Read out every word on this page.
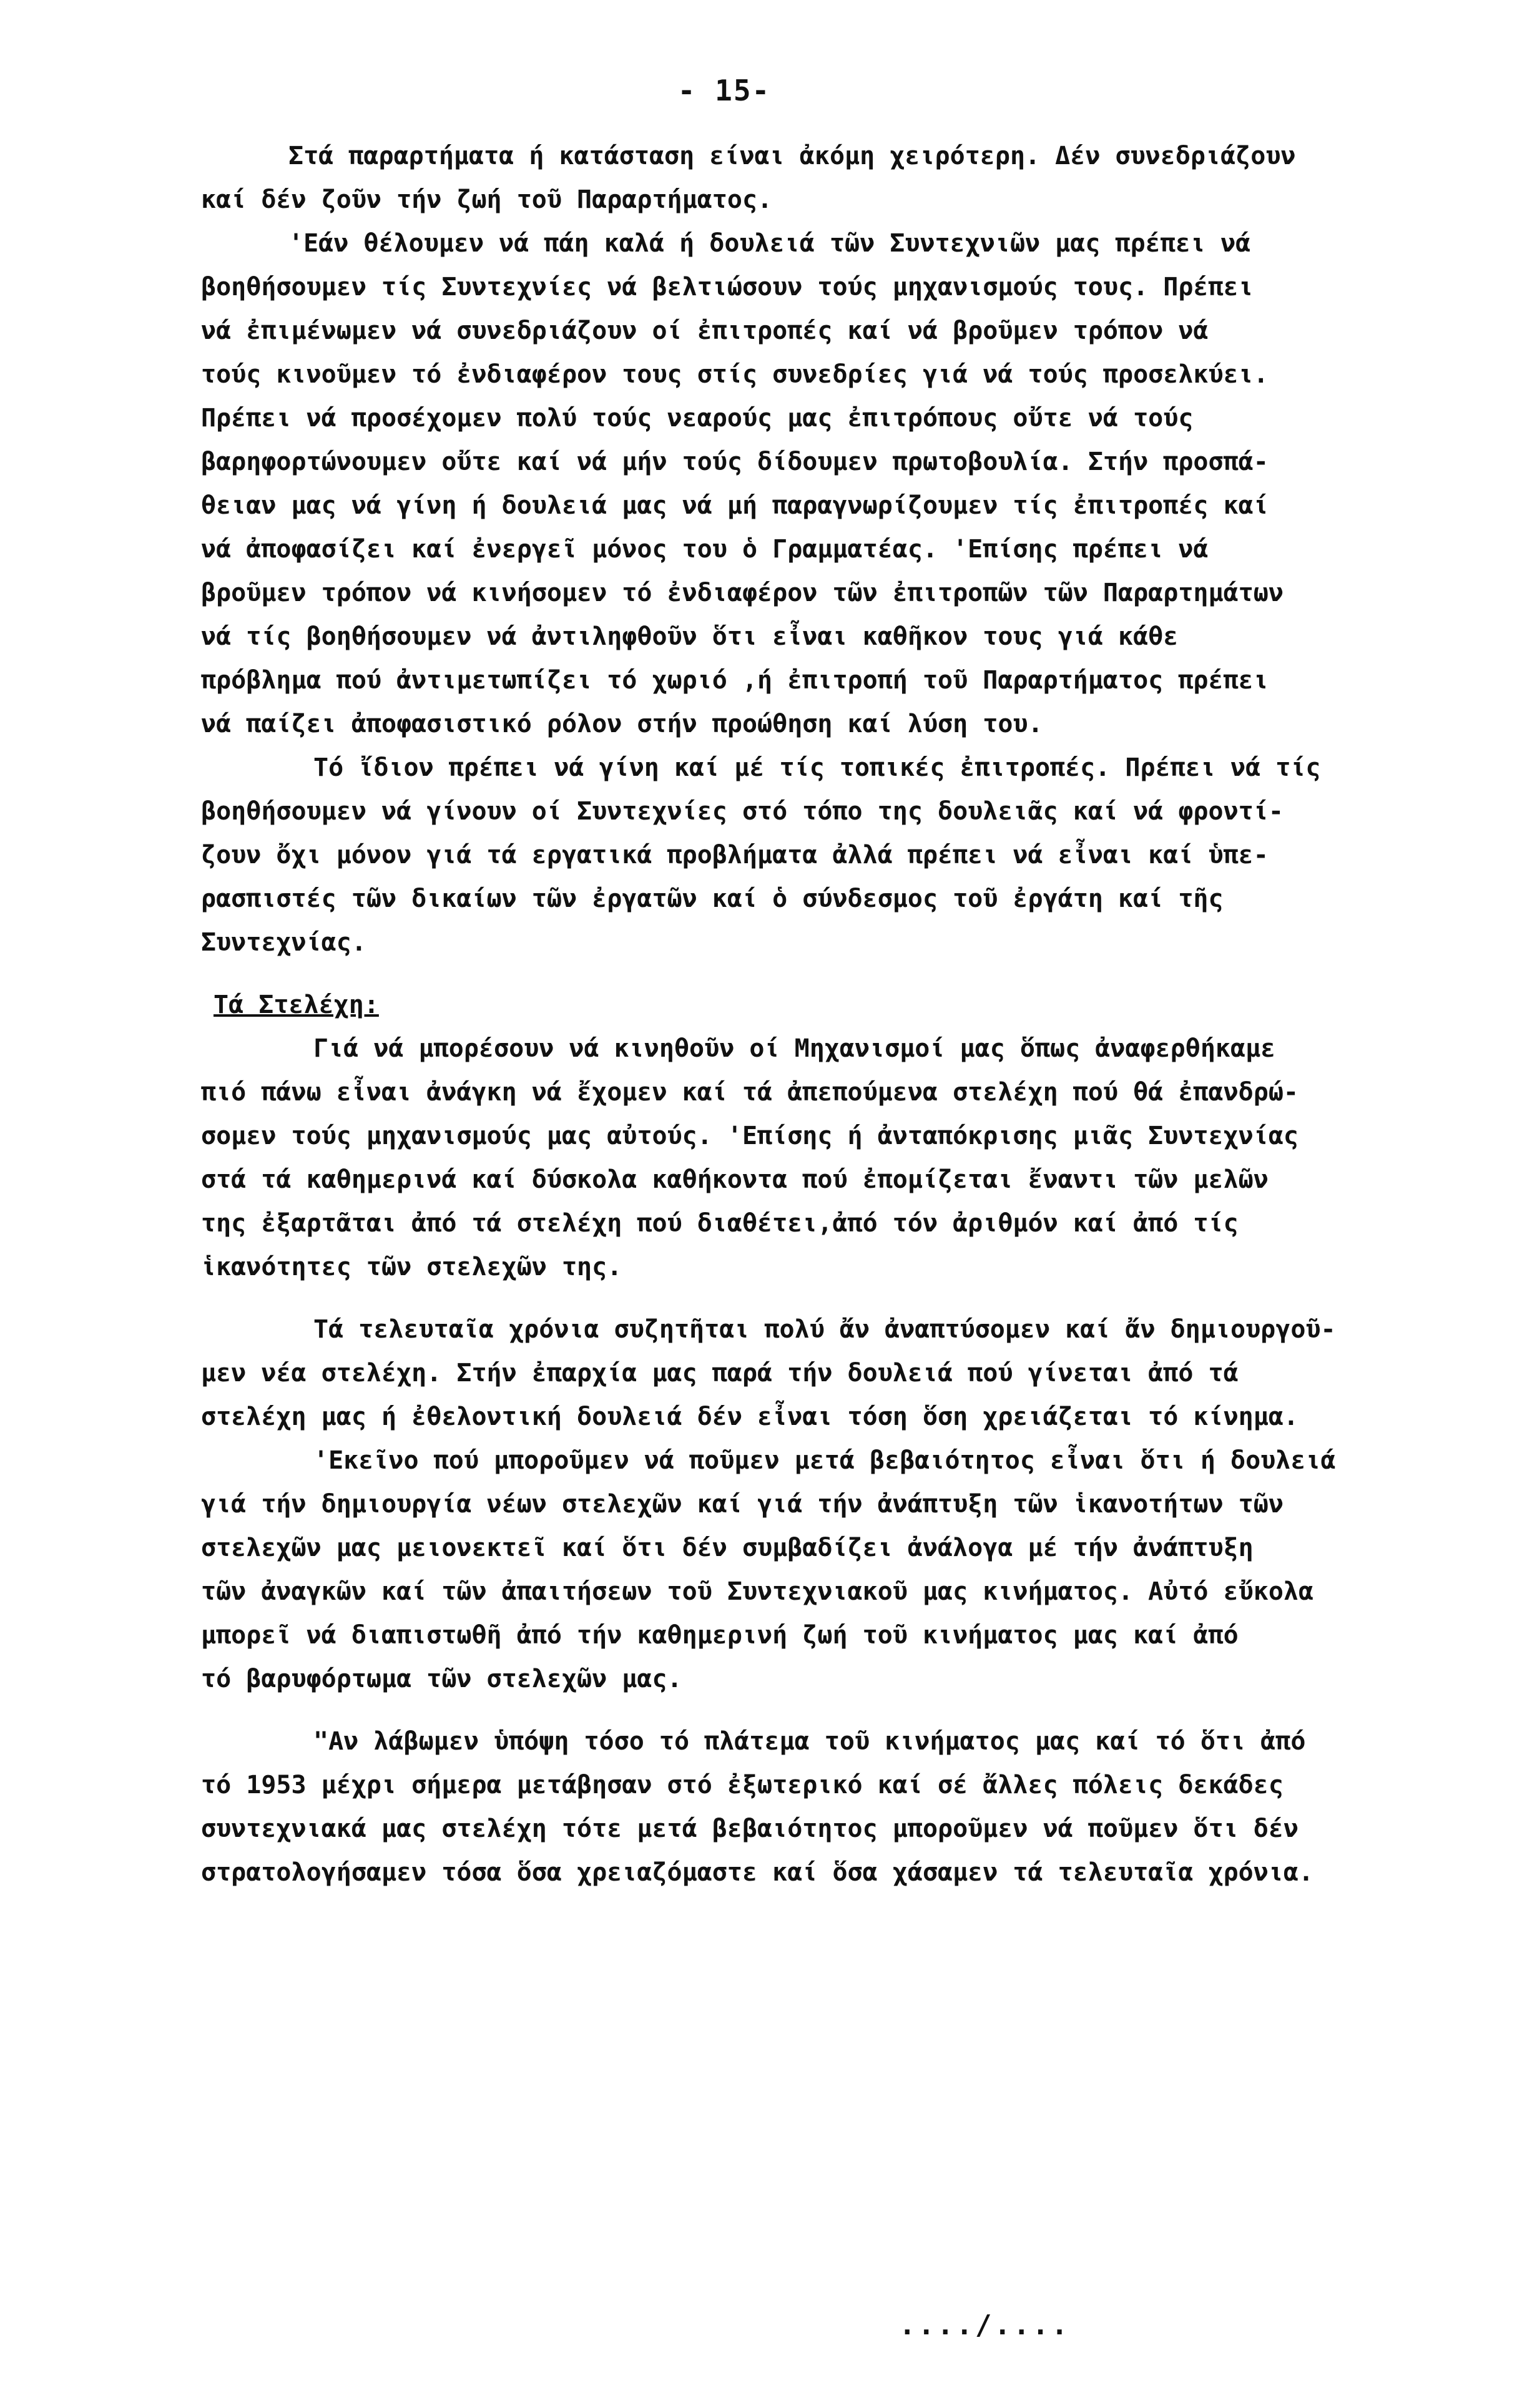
- 15-
Στά παραρτήματα ή κατάσταση είναι ἀκόμη χειρότερη. Δέν συνεδριάζουν
καί δέν ζοῦν τήν ζωή τοῦ Παραρτήματος.
'Εάν θέλουμεν νά πάη καλά ή δουλειά τῶν Συντεχνιῶν μας πρέπει νά
βοηθήσουμεν τίς Συντεχνίες νά βελτιώσουν τούς μηχανισμούς τους. Πρέπει
νά ἐπιμένωμεν νά συνεδριάζουν οί ἐπιτροπές καί νά βροῦμεν τρόπον νά
τούς κινοῦμεν τό ἐνδιαφέρον τους στίς συνεδρίες γιά νά τούς προσελκύει.
Πρέπει νά προσέχομεν πολύ τούς νεαρούς μας ἐπιτρόπους οὔτε νά τούς
βαρηφορτώνουμεν οὔτε καί νά μήν τούς δίδουμεν πρωτοβουλία. Στήν προσπά-
θειαν μας νά γίνη ή δουλειά μας νά μή παραγνωρίζουμεν τίς ἐπιτροπές καί
νά ἀποφασίζει καί ἐνεργεῖ μόνος του ὁ Γραμματέας. 'Επίσης πρέπει νά
βροῦμεν τρόπον νά κινήσομεν τό ἐνδιαφέρον τῶν ἐπιτροπῶν τῶν Παραρτημάτων
νά τίς βοηθήσουμεν νά ἀντιληφθοῦν ὅτι εἶναι καθῆκον τους γιά κάθε
πρόβλημα πού ἀντιμετωπίζει τό χωριό ,ή ἐπιτροπή τοῦ Παραρτήματος πρέπει
νά παίζει ἀποφασιστικό ρόλον στήν προώθηση καί λύση του.
Τό ἴδιον πρέπει νά γίνη καί μέ τίς τοπικές ἐπιτροπές. Πρέπει νά τίς
βοηθήσουμεν νά γίνουν οί Συντεχνίες στό τόπο της δουλειᾶς καί νά φροντί-
ζουν ὄχι μόνον γιά τά εργατικά προβλήματα ἀλλά πρέπει νά εἶναι καί ὑπε-
ρασπιστές τῶν δικαίων τῶν ἐργατῶν καί ὁ σύνδεσμος τοῦ ἐργάτη καί τῆς
Συντεχνίας.
Τά Στελέχη:
Γιά νά μπορέσουν νά κινηθοῦν οί Μηχανισμοί μας ὅπως ἀναφερθήκαμε
πιό πάνω εἶναι ἀνάγκη νά ἔχομεν καί τά ἀπεπούμενα στελέχη πού θά ἐπανδρώ-
σομεν τούς μηχανισμούς μας αὐτούς. 'Επίσης ή ἀνταπόκρισης μιᾶς Συντεχνίας
στά τά καθημερινά καί δύσκολα καθήκοντα πού ἐπομίζεται ἔναντι τῶν μελῶν
της ἐξαρτᾶται ἀπό τά στελέχη πού διαθέτει,ἀπό τόν ἀριθμόν καί ἀπό τίς
ἱκανότητες τῶν στελεχῶν της.
Τά τελευταῖα χρόνια συζητῆται πολύ ἄν ἀναπτύσομεν καί ἄν δημιουργοῦ-
μεν νέα στελέχη. Στήν ἐπαρχία μας παρά τήν δουλειά πού γίνεται ἀπό τά
στελέχη μας ή ἐθελοντική δουλειά δέν εἶναι τόση ὅση χρειάζεται τό κίνημα.
'Εκεῖνο πού μποροῦμεν νά ποῦμεν μετά βεβαιότητος εἶναι ὅτι ή δουλειά
γιά τήν δημιουργία νέων στελεχῶν καί γιά τήν ἀνάπτυξη τῶν ἱκανοτήτων τῶν
στελεχῶν μας μειονεκτεῖ καί ὅτι δέν συμβαδίζει ἀνάλογα μέ τήν ἀνάπτυξη
τῶν ἀναγκῶν καί τῶν ἀπαιτήσεων τοῦ Συντεχνιακοῦ μας κινήματος. Αὐτό εὔκολα
μπορεῖ νά διαπιστωθῆ ἀπό τήν καθημερινή ζωή τοῦ κινήματος μας καί ἀπό
τό βαρυφόρτωμα τῶν στελεχῶν μας.
"Αν λάβωμεν ὑπόψη τόσο τό πλάτεμα τοῦ κινήματος μας καί τό ὅτι ἀπό
τό 1953 μέχρι σήμερα μετάβησαν στό ἐξωτερικό καί σέ ἄλλες πόλεις δεκάδες
συντεχνιακά μας στελέχη τότε μετά βεβαιότητος μποροῦμεν νά ποῦμεν ὅτι δέν
στρατολογήσαμεν τόσα ὅσα χρειαζόμαστε καί ὅσα χάσαμεν τά τελευταῖα χρόνια.
..../....
